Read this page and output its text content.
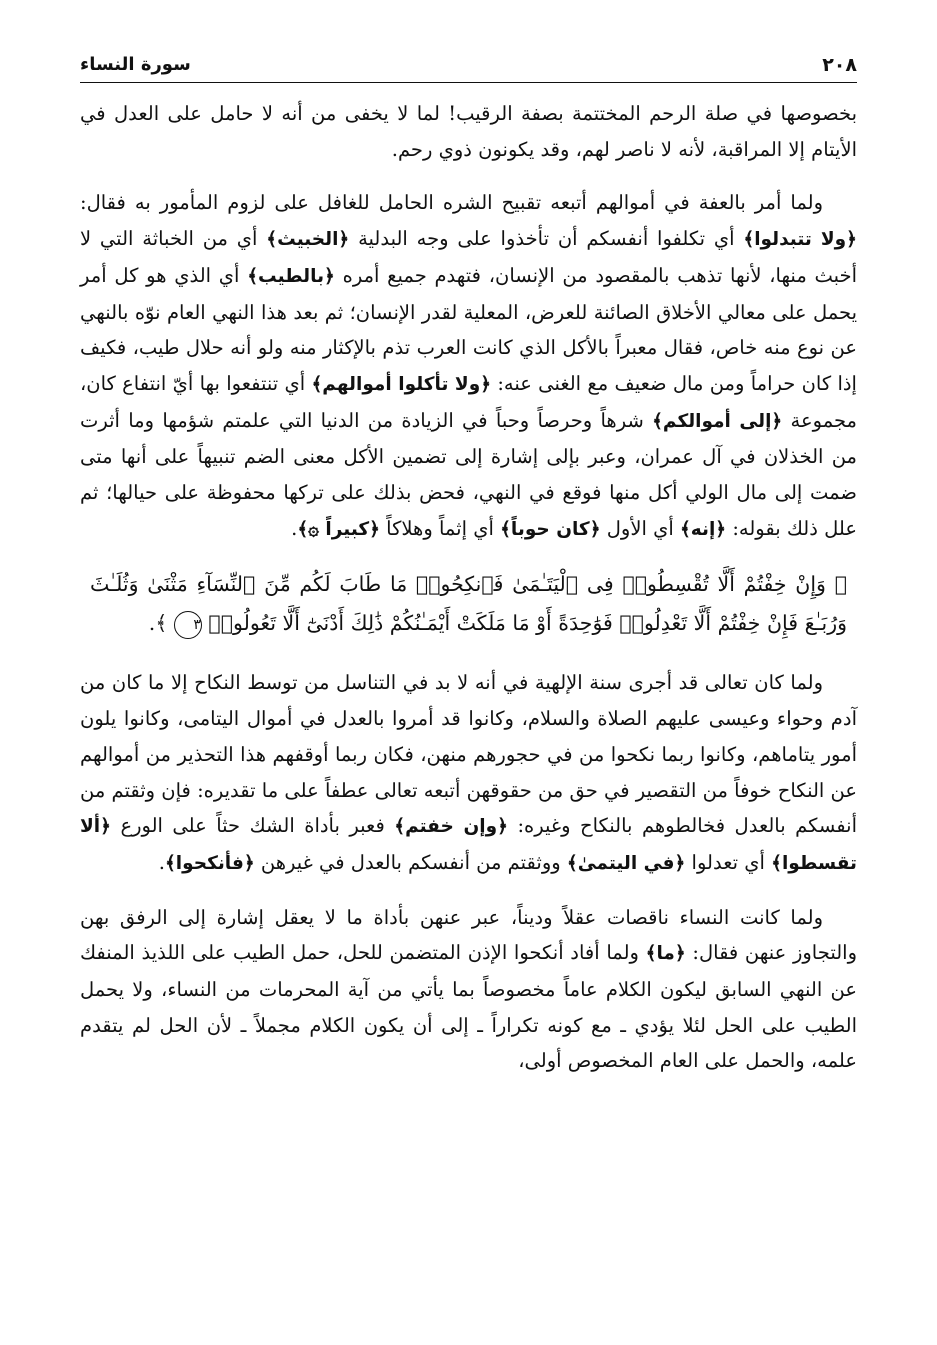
٢٠٨
سورة النساء

بخصوصها في صلة الرحم المختتمة بصفة الرقيب! لما لا يخفى من أنه لا حامل على العدل في الأيتام إلا المراقبة، لأنه لا ناصر لهم، وقد يكونون ذوي رحم.

ولما أمر بالعفة في أموالهم أتبعه تقبيح الشره الحامل للغافل على لزوم المأمور به فقال: ﴿ولا تتبدلوا﴾ أي تكلفوا أنفسكم أن تأخذوا على وجه البدلية ﴿الخبيث﴾ أي من الخباثة التي لا أخبث منها، لأنها تذهب بالمقصود من الإنسان، فتهدم جميع أمره ﴿بالطيب﴾ أي الذي هو كل أمر يحمل على معالي الأخلاق الصائنة للعرض، المعلية لقدر الإنسان؛ ثم بعد هذا النهي العام نوّه بالنهي عن نوع منه خاص، فقال معبراً بالأكل الذي كانت العرب تذم بالإكثار منه ولو أنه حلال طيب، فكيف إذا كان حراماً ومن مال ضعيف مع الغنى عنه: ﴿ولا تأكلوا أموالهم﴾ أي تنتفعوا بها أيّ انتفاع كان، مجموعة ﴿إلى أموالكم﴾ شرهاً وحرصاً وحباً في الزيادة من الدنيا التي علمتم شؤمها وما أثرت من الخذلان في آل عمران، وعبر بإلى إشارة إلى تضمين الأكل معنى الضم تنبيهاً على أنها متى ضمت إلى مال الولي أكل منها فوقع في النهي، فحض بذلك على تركها محفوظة على حيالها؛ ثم علل ذلك بقوله: ﴿إنه﴾ أي الأول ﴿كان حوباً﴾ أي إثماً وهلاكاً ﴿كبيراً ۞﴾.

﴿ وَإِنْ خِفْتُمْ أَلَّا تُقْسِطُوا۟ فِى ٱلْيَتَـٰمَىٰ فَٱنكِحُوا۟ مَا طَابَ لَكُم مِّنَ ٱلنِّسَآءِ مَثْنَىٰ وَثُلَـٰثَ وَرُبَـٰعَ فَإِنْ خِفْتُمْ أَلَّا تَعْدِلُوا۟ فَوَٰحِدَةً أَوْ مَا مَلَكَتْ أَيْمَـٰنُكُمْ ذَٰلِكَ أَدْنَىٰٓ أَلَّا تَعُولُوا۟ ٣ ﴾.

ولما كان تعالى قد أجرى سنة الإلهية في أنه لا بد في التناسل من توسط النكاح إلا ما كان من آدم وحواء وعيسى عليهم الصلاة والسلام، وكانوا قد أمروا بالعدل في أموال اليتامى، وكانوا يلون أمور يتاماهم، وكانوا ربما نكحوا من في حجورهم منهن، فكان ربما أوقفهم هذا التحذير من أموالهم عن النكاح خوفاً من التقصير في حق من حقوقهن أتبعه تعالى عطفاً على ما تقديره: فإن وثقتم من أنفسكم بالعدل فخالطوهم بالنكاح وغيره: ﴿وإن خفتم﴾ فعبر بأداة الشك حثاً على الورع ﴿ألا تقسطوا﴾ أي تعدلوا ﴿في اليتمىٰ﴾ ووثقتم من أنفسكم بالعدل في غيرهن ﴿فأنكحوا﴾.

ولما كانت النساء ناقصات عقلاً وديناً، عبر عنهن بأداة ما لا يعقل إشارة إلى الرفق بهن والتجاوز عنهن فقال: ﴿ما﴾ ولما أفاد أنكحوا الإذن المتضمن للحل، حمل الطيب على اللذيذ المنفك عن النهي السابق ليكون الكلام عاماً مخصوصاً بما يأتي من آية المحرمات من النساء، ولا يحمل الطيب على الحل لئلا يؤدي ـ مع كونه تكراراً ـ إلى أن يكون الكلام مجملاً ـ لأن الحل لم يتقدم علمه، والحمل على العام المخصوص أولى،
